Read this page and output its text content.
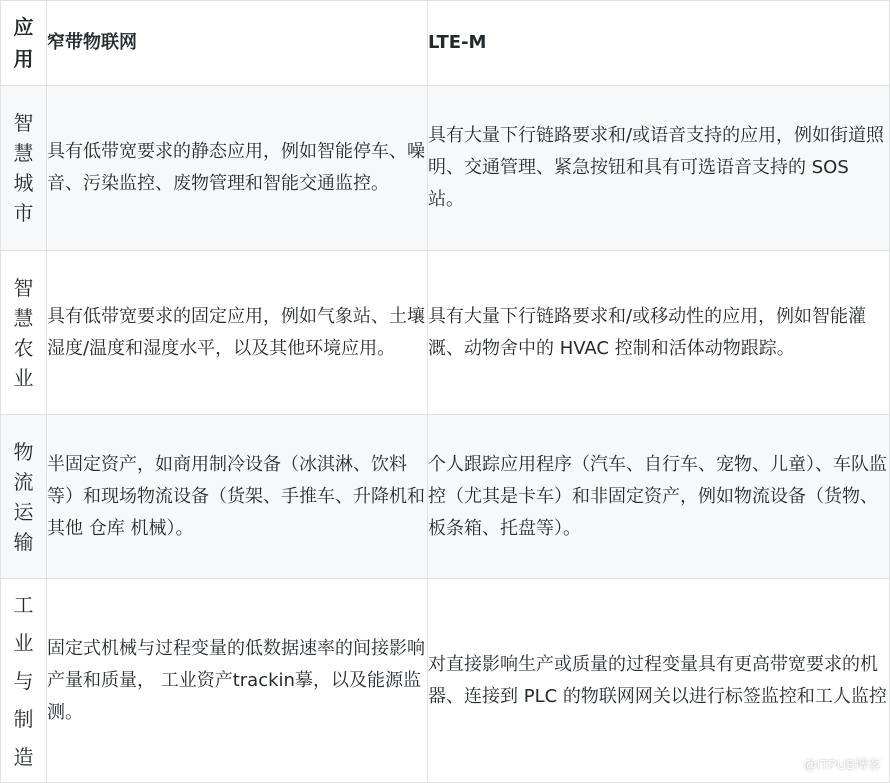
应用	窄带物联网	LTE-M

智慧城市	具有低带宽要求的静态应用，例如智能停车、噪音、污染监控、废物管理和智能交通监控。	具有大量下行链路要求和/或语音支持的应用，例如街道照明、交通管理、紧急按钮和具有可选语音支持的 SOS 站。

智慧农业	具有低带宽要求的固定应用，例如气象站、土壤湿度/温度和湿度水平，以及其他环境应用。	具有大量下行链路要求和/或移动性的应用，例如智能灌溉、动物舍中的 HVAC 控制和活体动物跟踪。

物流运输	半固定资产，如商用制冷设备（冰淇淋、饮料等）和现场物流设备（货架、手推车、升降机和 其他 仓库 机械）。	个人跟踪应用程序（汽车、自行车、宠物、儿童）、车队监控（尤其是卡车）和非固定资产，例如物流设备（货物、板条箱、托盘等）。

工业与制造	固定式机械与过程变量的低数据速率的间接影响产量和质量， 工业资产trackin摹，以及能源监测。	对直接影响生产或质量的过程变量具有更高带宽要求的机器、连接到 PLC 的物联网网关以进行标签监控和工人监控
@ITPUB博客
